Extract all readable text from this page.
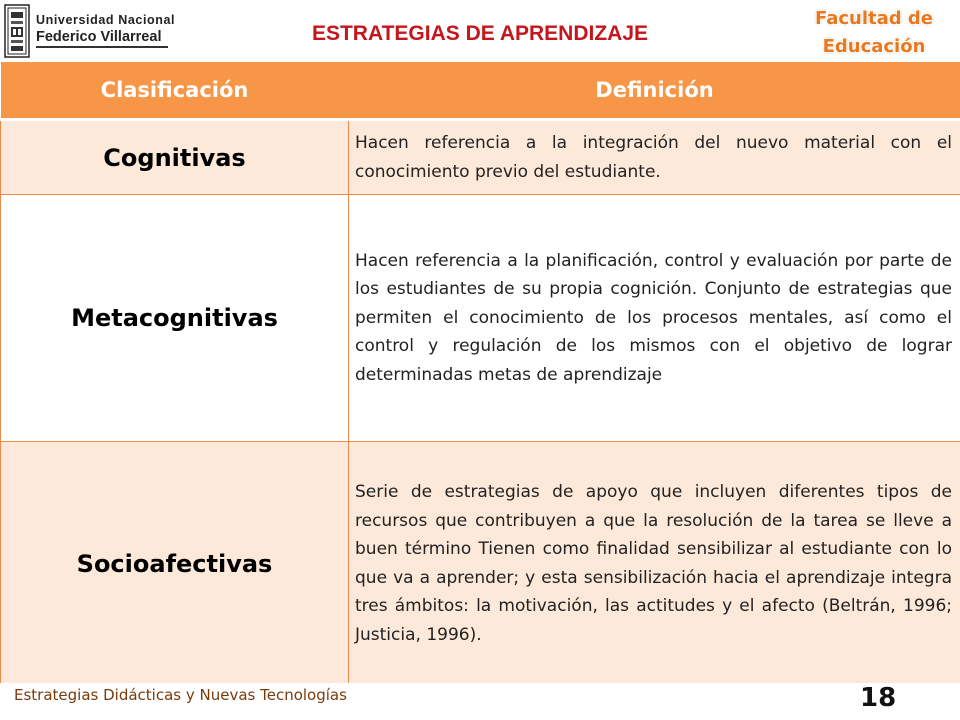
Universidad Nacional
Federico Villarreal	ESTRATEGIAS DE APRENDIZAJE
Facultad de
Educación
Clasificación	Definición
Cognitivas	Hacen referencia a la integración del nuevo material con el conocimiento previo del estudiante.
Metacognitivas	Hacen referencia a la planificación, control y evaluación por parte de los estudiantes de su propia cognición. Conjunto de estrategias que permiten el conocimiento de los procesos mentales, así como el control y regulación de los mismos con el objetivo de lograr determinadas metas de aprendizaje
Socioafectivas	Serie de estrategias de apoyo que incluyen diferentes tipos de recursos que contribuyen a que la resolución de la tarea se lleve a buen término Tienen como finalidad sensibilizar al estudiante con lo que va a aprender; y esta sensibilización hacia el aprendizaje integra tres ámbitos: la motivación, las actitudes y el afecto (Beltrán, 1996; Justicia, 1996).
Estrategias Didácticas y Nuevas Tecnologías	18
